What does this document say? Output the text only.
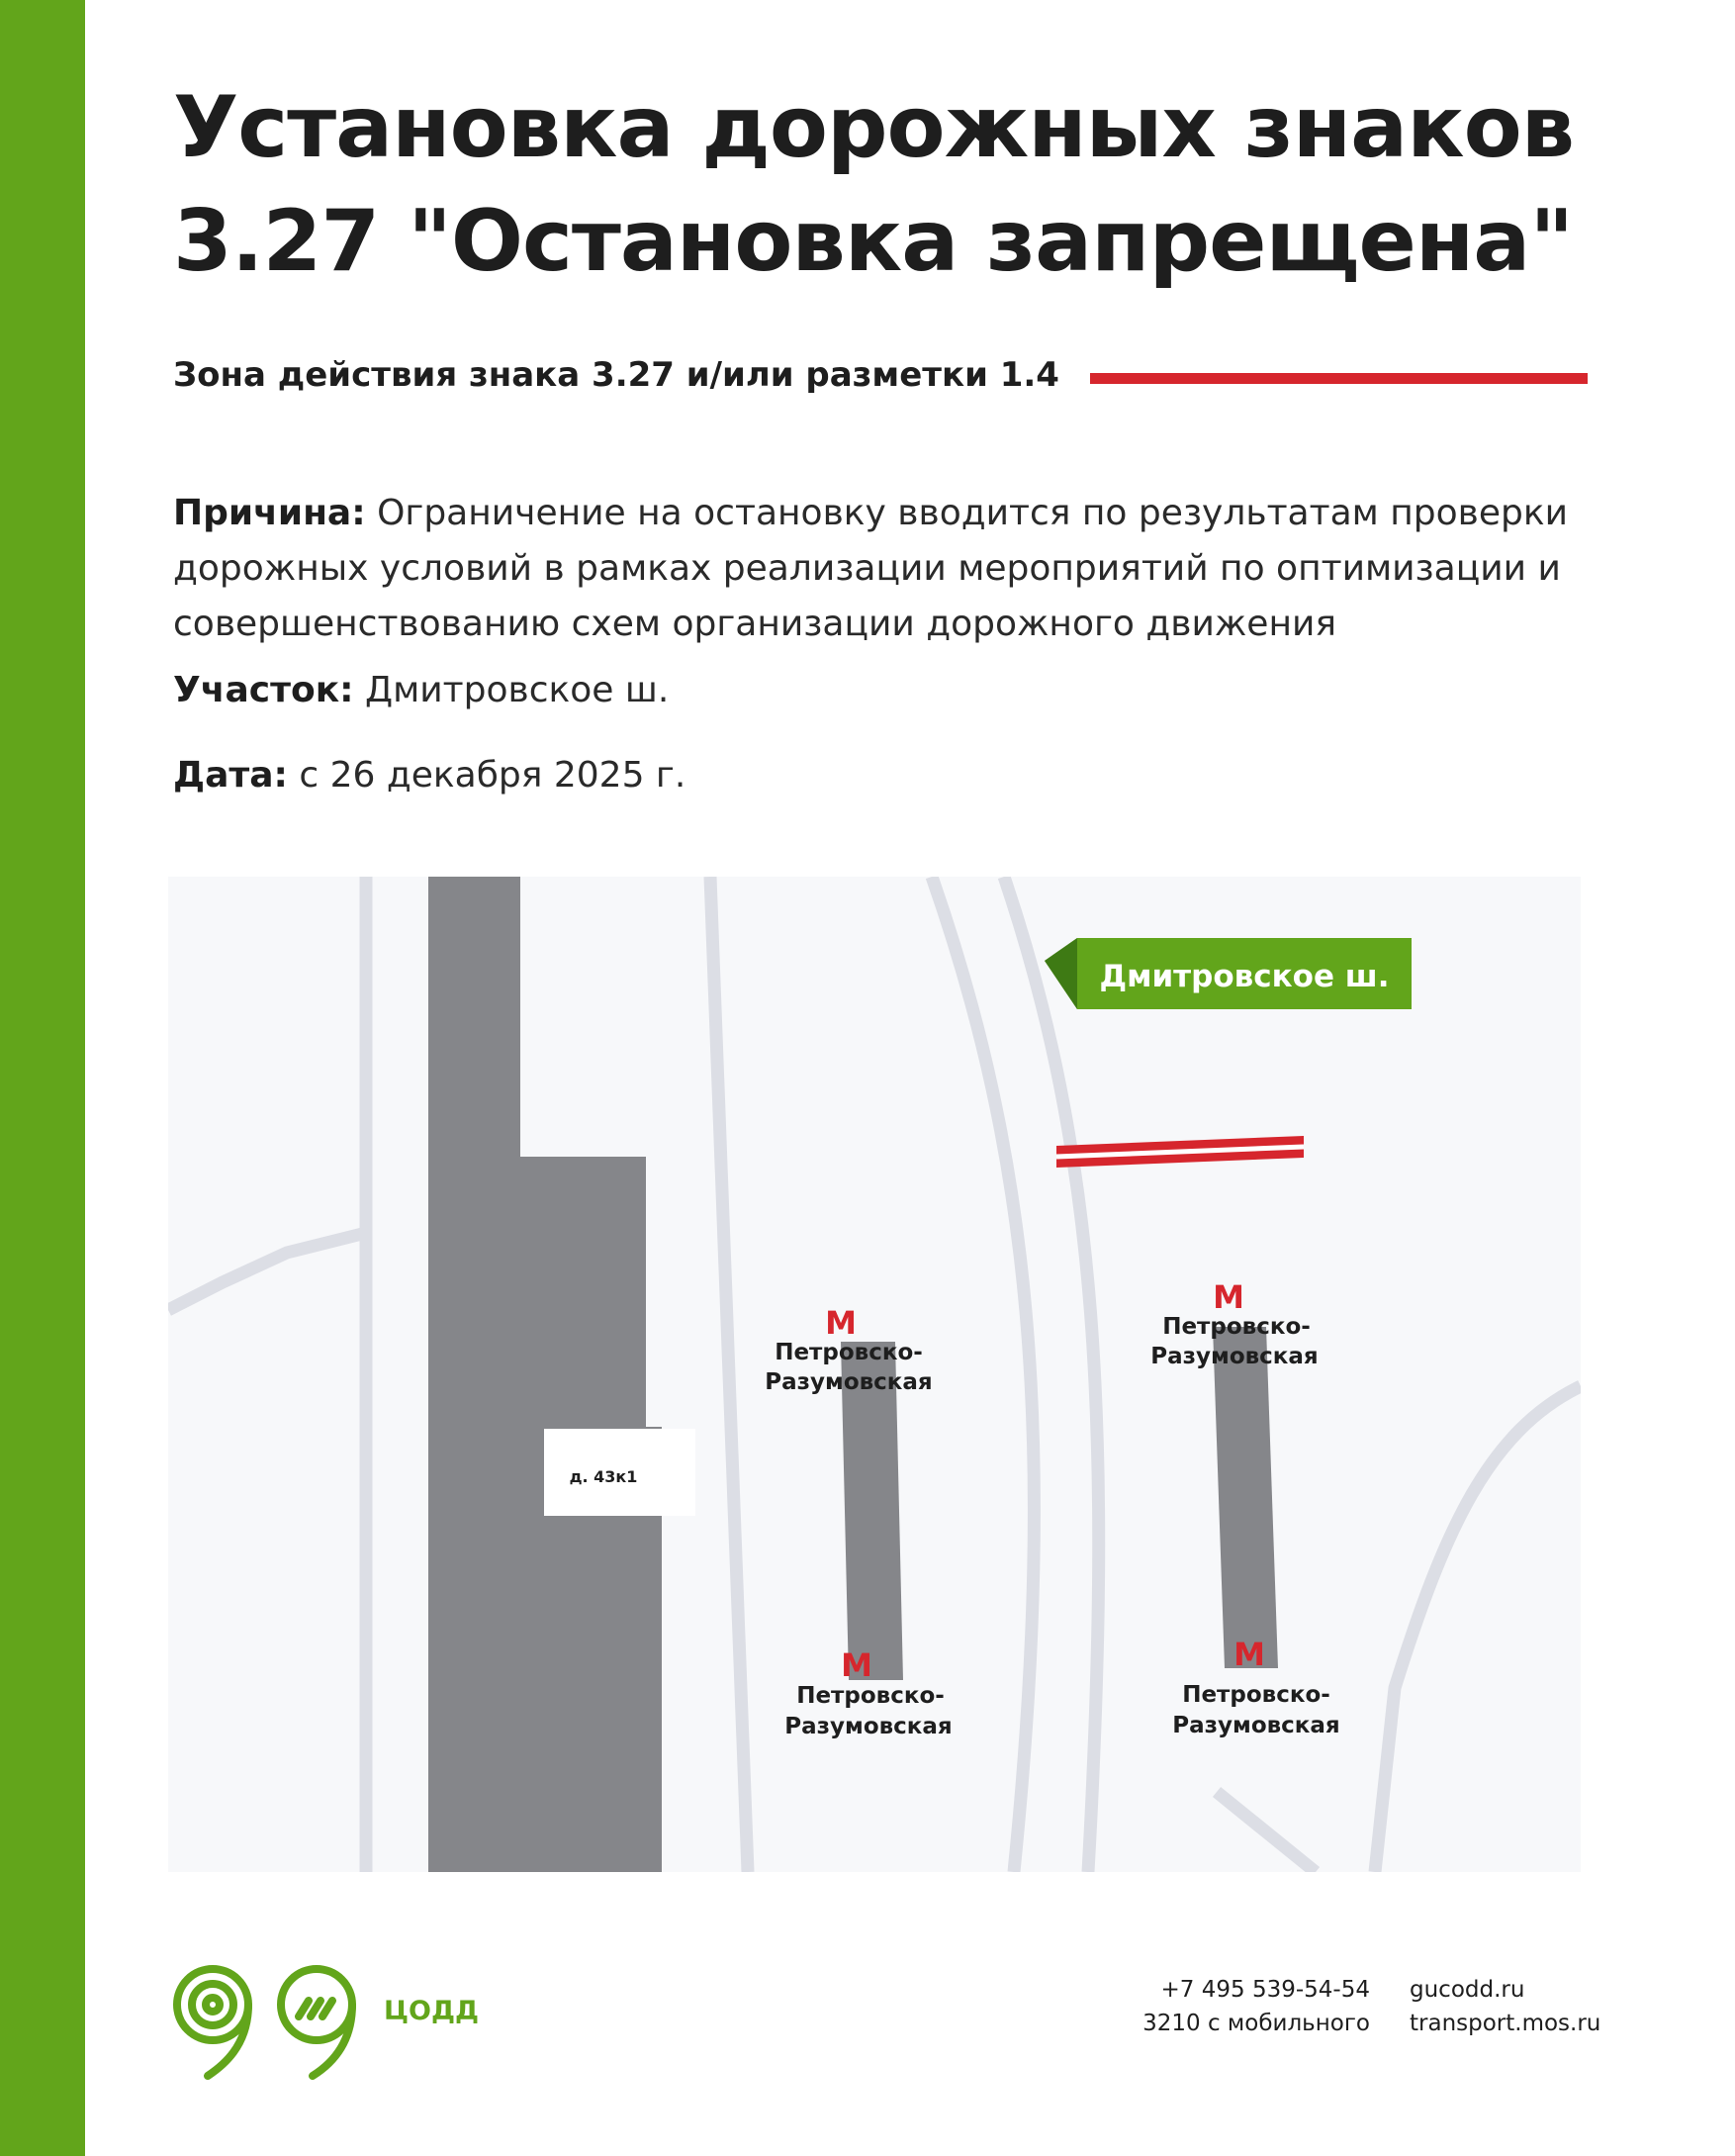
Установка дорожных знаков
3.27 "Остановка запрещена"
Зона действия знака 3.27 и/или разметки 1.4

Причина: Ограничение на остановку вводится по результатам проверки дорожных условий в рамках реализации мероприятий по оптимизации и совершенствованию схем организации дорожного движения

Участок: Дмитровское ш.

Дата: с 26 декабря 2025 г.

д. 43к1
Дмитровское ш.
М
Петровско-
Разумовская
М
Петровско-
Разумовская
М
Петровско-
Разумовская
М
Петровско-
Разумовская
ЦОДД
+7 495 539-54-54	gucodd.ru
3210 с мобильного	transport.mos.ru
